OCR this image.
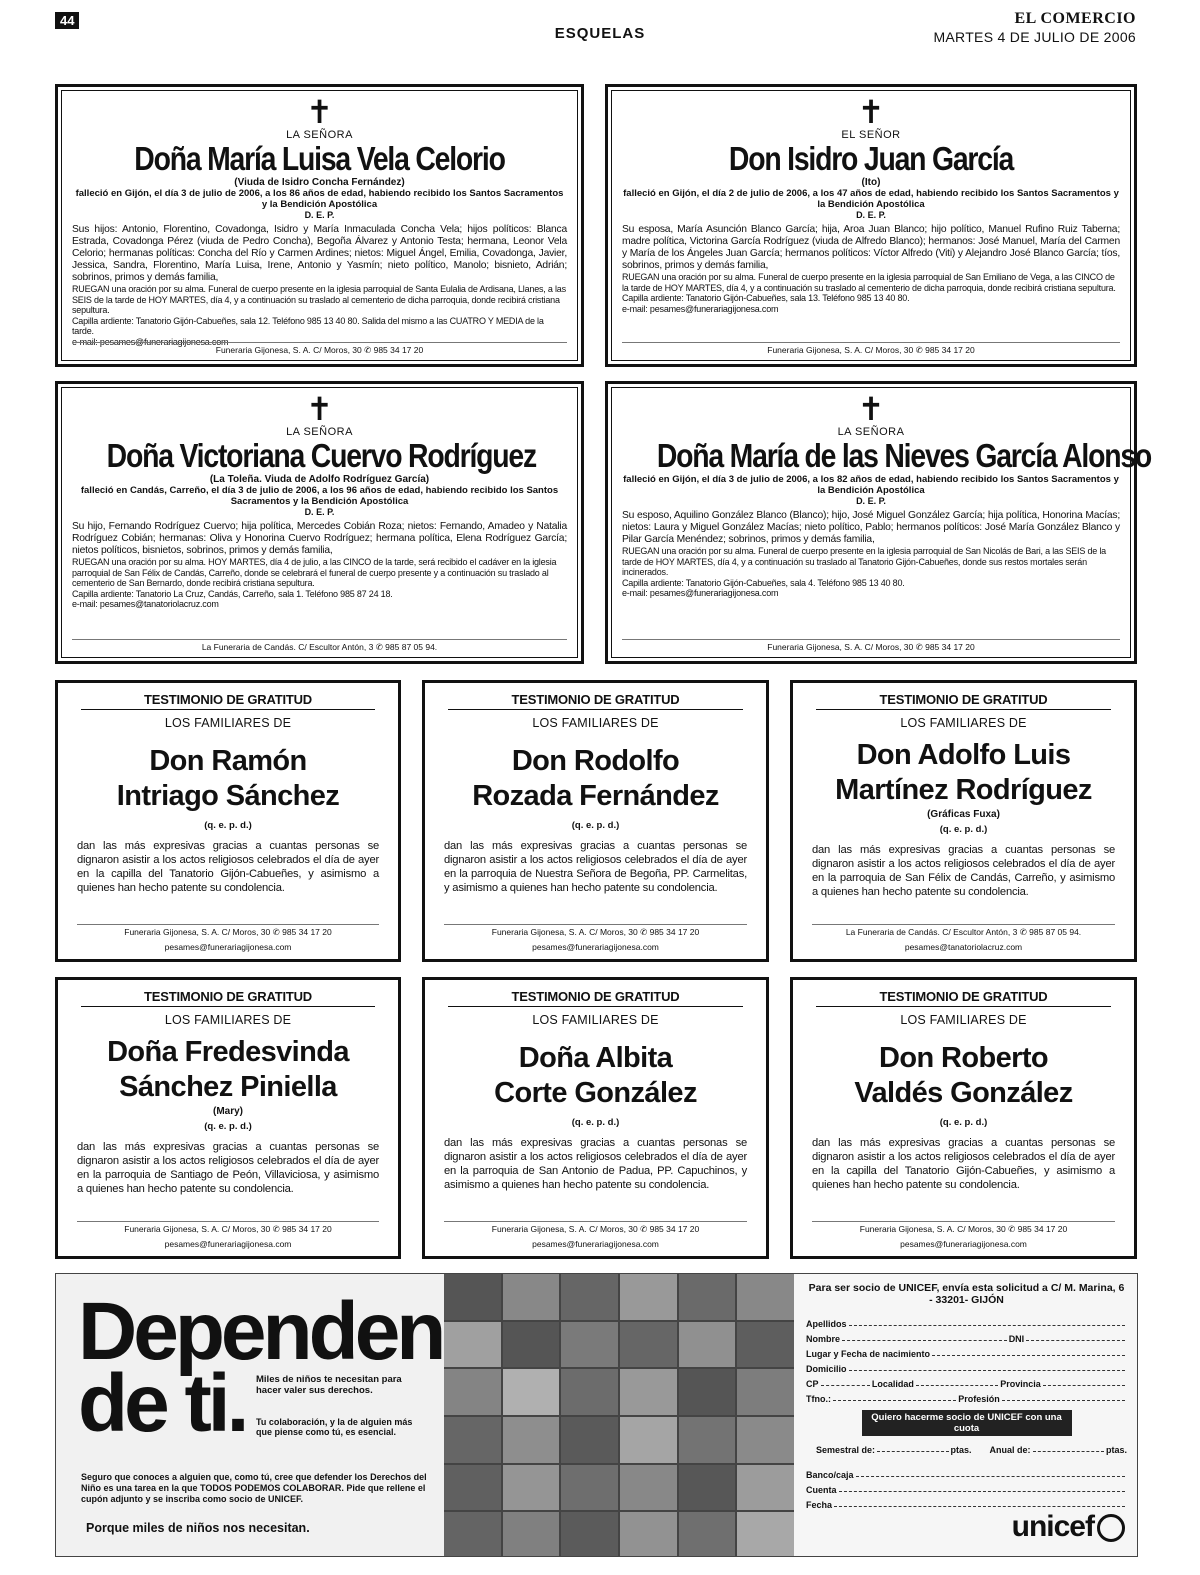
44
ESQUELAS
EL COMERCIO
MARTES 4 DE JULIO DE 2006
✝
LA SEÑORA
Doña María Luisa Vela Celorio
(Viuda de Isidro Concha Fernández)
falleció en Gijón, el día 3 de julio de 2006, a los 86 años de edad, habiendo recibido los Santos Sacramentos y la Bendición Apostólica
D. E. P.
Sus hijos: Antonio, Florentino, Covadonga, Isidro y María Inmaculada Concha Vela; hijos políticos: Blanca Estrada, Covadonga Pérez (viuda de Pedro Concha), Begoña Álvarez y Antonio Testa; hermana, Leonor Vela Celorio; hermanas políticas: Concha del Río y Carmen Ardines; nietos: Miguel Ángel, Emilia, Covadonga, Javier, Jessica, Sandra, Florentino, María Luisa, Irene, Antonio y Yasmín; nieto político, Manolo; bisnieto, Adrián; sobrinos, primos y demás familia,
RUEGAN una oración por su alma. Funeral de cuerpo presente en la iglesia parroquial de Santa Eulalia de Ardisana, Llanes, a las SEIS de la tarde de HOY MARTES, día 4, y a continuación su traslado al cementerio de dicha parroquia, donde recibirá cristiana sepultura.
Capilla ardiente: Tanatorio Gijón-Cabueñes, sala 12. Teléfono 985 13 40 80. Salida del mismo a las CUATRO Y MEDIA de la tarde.
e-mail: pesames@funerariagijonesa.com
Funeraria Gijonesa, S. A. C/ Moros, 30 ✆ 985 34 17 20
✝
EL SEÑOR
Don Isidro Juan García
(Ito)
falleció en Gijón, el día 2 de julio de 2006, a los 47 años de edad, habiendo recibido los Santos Sacramentos y la Bendición Apostólica
D. E. P.
Su esposa, María Asunción Blanco García; hija, Aroa Juan Blanco; hijo político, Manuel Rufino Ruiz Taberna; madre política, Victorina García Rodríguez (viuda de Alfredo Blanco); hermanos: José Manuel, María del Carmen y María de los Ángeles Juan García; hermanos políticos: Víctor Alfredo (Viti) y Alejandro José Blanco García; tíos, sobrinos, primos y demás familia,
RUEGAN una oración por su alma. Funeral de cuerpo presente en la iglesia parroquial de San Emiliano de Vega, a las CINCO de la tarde de HOY MARTES, día 4, y a continuación su traslado al cementerio de dicha parroquia, donde recibirá cristiana sepultura.
Capilla ardiente: Tanatorio Gijón-Cabueñes, sala 13. Teléfono 985 13 40 80.
e-mail: pesames@funerariagijonesa.com
Funeraria Gijonesa, S. A. C/ Moros, 30 ✆ 985 34 17 20
✝
LA SEÑORA
Doña Victoriana Cuervo Rodríguez
(La Toleña. Viuda de Adolfo Rodríguez García)
falleció en Candás, Carreño, el día 3 de julio de 2006, a los 96 años de edad, habiendo recibido los Santos Sacramentos y la Bendición Apostólica
D. E. P.
Su hijo, Fernando Rodríguez Cuervo; hija política, Mercedes Cobián Roza; nietos: Fernando, Amadeo y Natalia Rodríguez Cobián; hermanas: Oliva y Honorina Cuervo Rodríguez; hermana política, Elena Rodríguez García; nietos políticos, bisnietos, sobrinos, primos y demás familia,
RUEGAN una oración por su alma. HOY MARTES, día 4 de julio, a las CINCO de la tarde, será recibido el cadáver en la iglesia parroquial de San Félix de Candás, Carreño, donde se celebrará el funeral de cuerpo presente y a continuación su traslado al cementerio de San Bernardo, donde recibirá cristiana sepultura.
Capilla ardiente: Tanatorio La Cruz, Candás, Carreño, sala 1. Teléfono 985 87 24 18.
e-mail: pesames@tanatoriolacruz.com
La Funeraria de Candás. C/ Escultor Antón, 3 ✆ 985 87 05 94.
✝
LA SEÑORA
Doña María de las Nieves García Alonso
falleció en Gijón, el día 3 de julio de 2006, a los 82 años de edad, habiendo recibido los Santos Sacramentos y la Bendición Apostólica
D. E. P.
Su esposo, Aquilino González Blanco (Blanco); hijo, José Miguel González García; hija política, Honorina Macías; nietos: Laura y Miguel González Macías; nieto político, Pablo; hermanos políticos: José María González Blanco y Pilar García Menéndez; sobrinos, primos y demás familia,
RUEGAN una oración por su alma. Funeral de cuerpo presente en la iglesia parroquial de San Nicolás de Bari, a las SEIS de la tarde de HOY MARTES, día 4, y a continuación su traslado al Tanatorio Gijón-Cabueñes, donde sus restos mortales serán incinerados.
Capilla ardiente: Tanatorio Gijón-Cabueñes, sala 4. Teléfono 985 13 40 80.
e-mail: pesames@funerariagijonesa.com
Funeraria Gijonesa, S. A. C/ Moros, 30 ✆ 985 34 17 20
TESTIMONIO DE GRATITUD
LOS FAMILIARES DE
Don Ramón
Intriago Sánchez
(q. e. p. d.)
dan las más expresivas gracias a cuantas personas se dignaron asistir a los actos religiosos celebrados el día de ayer en la capilla del Tanatorio Gijón-Cabueñes, y asimismo a quienes han hecho patente su condolencia.
Funeraria Gijonesa, S. A. C/ Moros, 30 ✆ 985 34 17 20
pesames@funerariagijonesa.com
TESTIMONIO DE GRATITUD
LOS FAMILIARES DE
Don Rodolfo
Rozada Fernández
(q. e. p. d.)
dan las más expresivas gracias a cuantas personas se dignaron asistir a los actos religiosos celebrados el día de ayer en la parroquia de Nuestra Señora de Begoña, PP. Carmelitas, y asimismo a quienes han hecho patente su condolencia.
Funeraria Gijonesa, S. A. C/ Moros, 30 ✆ 985 34 17 20
pesames@funerariagijonesa.com
TESTIMONIO DE GRATITUD
LOS FAMILIARES DE
Don Adolfo Luis
Martínez Rodríguez
(Gráficas Fuxa)
(q. e. p. d.)
dan las más expresivas gracias a cuantas personas se dignaron asistir a los actos religiosos celebrados el día de ayer en la parroquia de San Félix de Candás, Carreño, y asimismo a quienes han hecho patente su condolencia.
La Funeraria de Candás. C/ Escultor Antón, 3 ✆ 985 87 05 94.
pesames@tanatoriolacruz.com
TESTIMONIO DE GRATITUD
LOS FAMILIARES DE
Doña Fredesvinda
Sánchez Piniella
(Mary)
(q. e. p. d.)
dan las más expresivas gracias a cuantas personas se dignaron asistir a los actos religiosos celebrados el día de ayer en la parroquia de Santiago de Peón, Villaviciosa, y asimismo a quienes han hecho patente su condolencia.
Funeraria Gijonesa, S. A. C/ Moros, 30 ✆ 985 34 17 20
pesames@funerariagijonesa.com
TESTIMONIO DE GRATITUD
LOS FAMILIARES DE
Doña Albita
Corte González
(q. e. p. d.)
dan las más expresivas gracias a cuantas personas se dignaron asistir a los actos religiosos celebrados el día de ayer en la parroquia de San Antonio de Padua, PP. Capuchinos, y asimismo a quienes han hecho patente su condolencia.
Funeraria Gijonesa, S. A. C/ Moros, 30 ✆ 985 34 17 20
pesames@funerariagijonesa.com
TESTIMONIO DE GRATITUD
LOS FAMILIARES DE
Don Roberto
Valdés González
(q. e. p. d.)
dan las más expresivas gracias a cuantas personas se dignaron asistir a los actos religiosos celebrados el día de ayer en la capilla del Tanatorio Gijón-Cabueñes, y asimismo a quienes han hecho patente su condolencia.
Funeraria Gijonesa, S. A. C/ Moros, 30 ✆ 985 34 17 20
pesames@funerariagijonesa.com
Dependen
de ti.	Miles de niños te necesitan para hacer valer sus derechos.
Tu colaboración, y la de alguien más que piense como tú, es esencial.
Seguro que conoces a alguien que, como tú, cree que defender los Derechos del Niño es una tarea en la que TODOS PODEMOS COLABORAR. Pide que rellene el cupón adjunto y se inscriba como socio de UNICEF.
Porque miles de niños nos necesitan.
Para ser socio de UNICEF, envía esta solicitud a C/ M. Marina, 6 - 33201- GIJÓN
Apellidos
Nombre	DNI
Lugar y Fecha de nacimiento
Domicilio
CP	Localidad	Provincia
Tfno.:	Profesión
Quiero hacerme socio de UNICEF con una cuota
Semestral de:	ptas. Anual de:	ptas.
Banco/caja
Cuenta
Fecha
unicef
